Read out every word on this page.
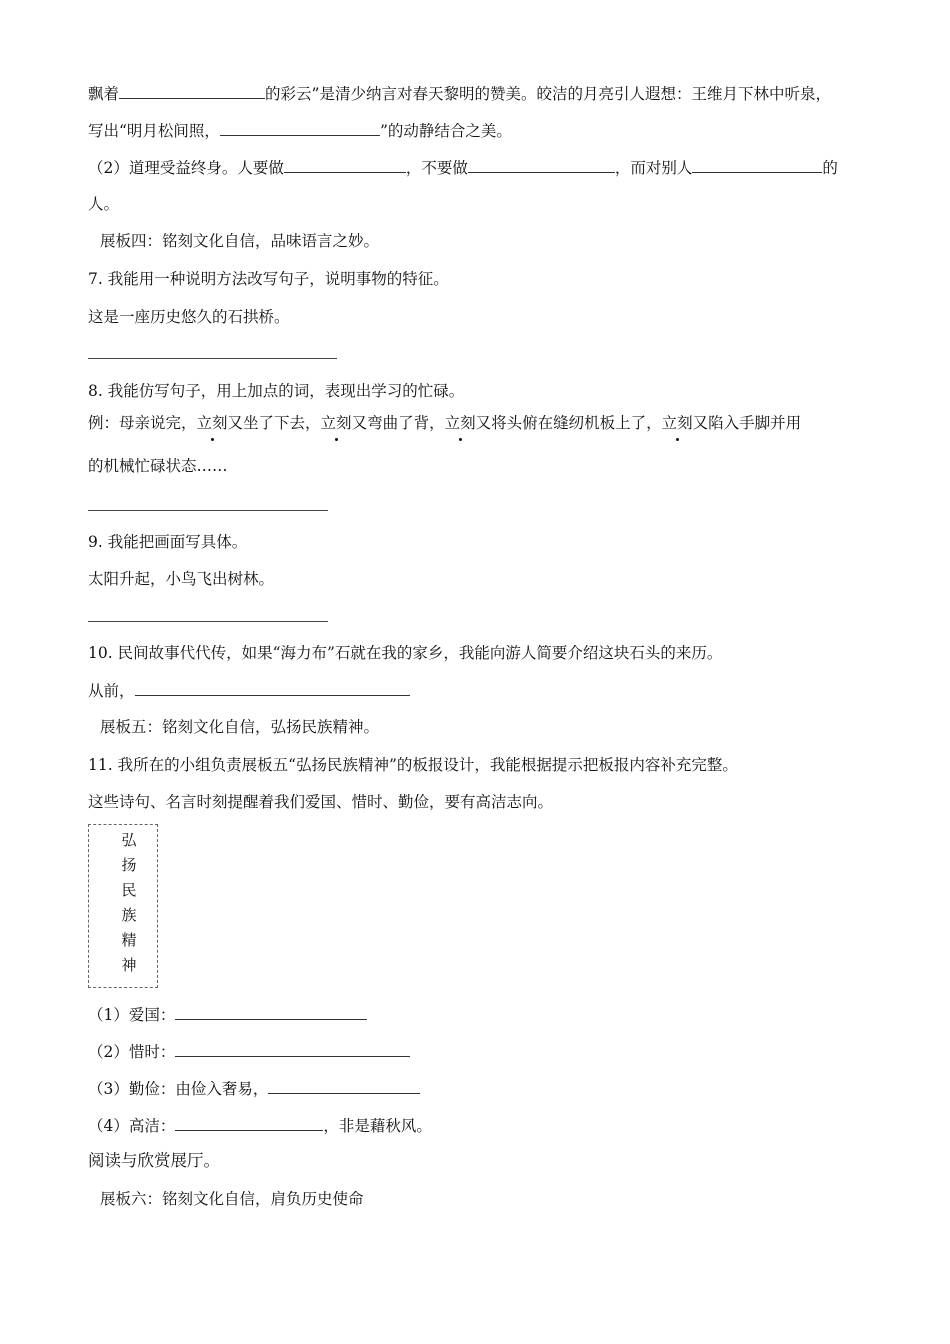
飘着	的彩云”是清少纳言对春天黎明的赞美。皎洁的月亮引人遐想：王维月下林中听泉，
写出“明月松间照，	”的动静结合之美。
（2）道理受益终身。人要做	，不要做	，而对别人	的
人。
展板四：铭刻文化自信，品味语言之妙。
7. 我能用一种说明方法改写句子，说明事物的特征。
这是一座历史悠久的石拱桥。
8. 我能仿写句子，用上加点的词，表现出学习的忙碌。
例：母亲说完，立刻又坐了下去，立刻又弯曲了背，立刻又将头俯在缝纫机板上了，立刻又陷入手脚并用
的机械忙碌状态……
9. 我能把画面写具体。
太阳升起，小鸟飞出树林。
10. 民间故事代代传，如果“海力布”石就在我的家乡，我能向游人简要介绍这块石头的来历。
从前，
展板五：铭刻文化自信，弘扬民族精神。
11. 我所在的小组负责展板五“弘扬民族精神”的板报设计，我能根据提示把板报内容补充完整。
这些诗句、名言时刻提醒着我们爱国、惜时、勤俭，要有高洁志向。
弘
扬
民
族
精
神
（1）爱国：
（2）惜时：
（3）勤俭：由俭入奢易，
（4）高洁：	，非是藉秋风。
阅读与欣赏展厅。
展板六：铭刻文化自信，肩负历史使命
